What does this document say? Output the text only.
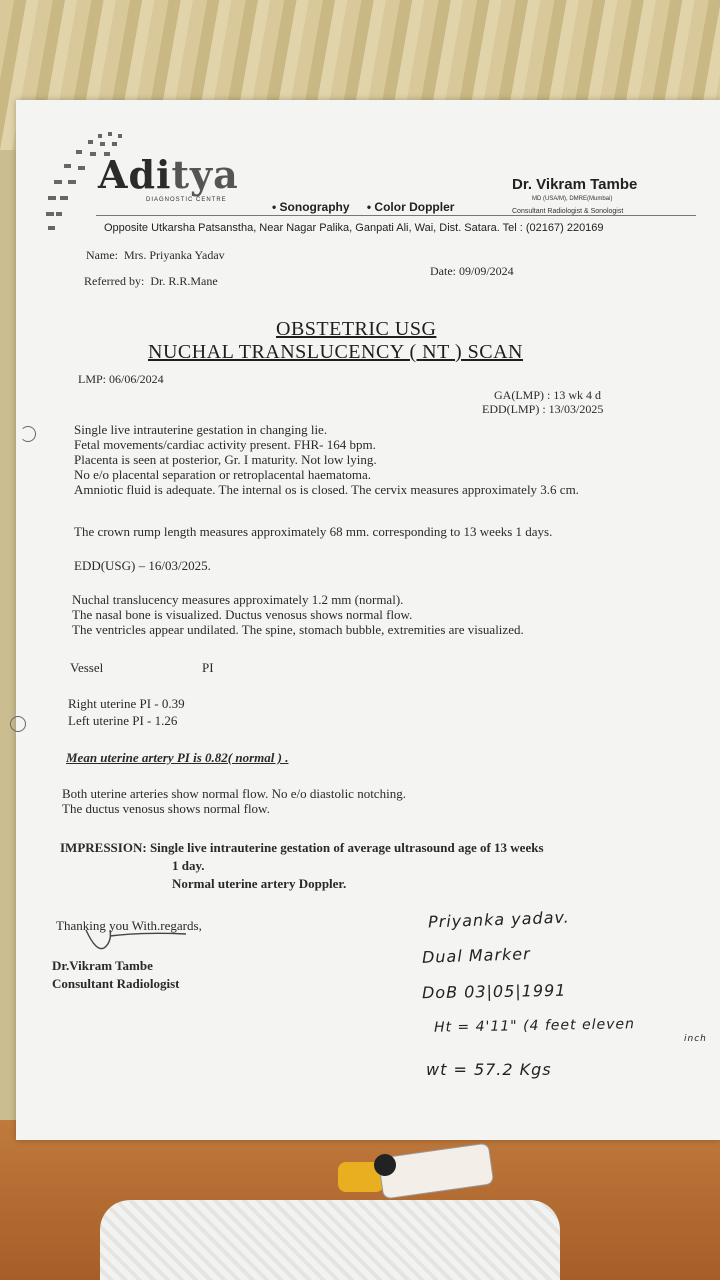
Aditya
DIAGNOSTIC CENTRE	• Sonography • Color Doppler
Dr. Vikram Tambe
MD (USA/M), DMRE(Mumbai)
Consultant Radiologist & Sonologist
Opposite Utkarsha Patsanstha, Near Nagar Palika, Ganpati Ali, Wai, Dist. Satara. Tel : (02167) 220169
Name: Mrs. Priyanka Yadav
Date: 09/09/2024
Referred by: Dr. R.R.Mane
OBSTETRIC USG
NUCHAL TRANSLUCENCY ( NT ) SCAN
LMP: 06/06/2024
GA(LMP) : 13 wk 4 d
EDD(LMP) : 13/03/2025
Single live intrauterine gestation in changing lie.
Fetal movements/cardiac activity present. FHR- 164 bpm.
Placenta is seen at posterior, Gr. I maturity. Not low lying.
No e/o placental separation or retroplacental haematoma.
Amniotic fluid is adequate. The internal os is closed. The cervix measures approximately 3.6 cm.
The crown rump length measures approximately 68 mm. corresponding to 13 weeks 1 days.
EDD(USG) – 16/03/2025.
Nuchal translucency measures approximately 1.2 mm (normal).
The nasal bone is visualized. Ductus venosus shows normal flow.
The ventricles appear undilated. The spine, stomach bubble, extremities are visualized.
Vessel	PI
Right uterine PI - 0.39
Left uterine PI - 1.26
Mean uterine artery PI is 0.82( normal ) .
Both uterine arteries show normal flow. No e/o diastolic notching.
The ductus venosus shows normal flow.
IMPRESSION: Single live intrauterine gestation of average ultrasound age of 13 weeks
1 day.
Normal uterine artery Doppler.
Thanking you With.regards,
Dr.Vikram Tambe
Consultant Radiologist
Priyanka yadav.
Dual Marker
DoB 03|05|1991
Ht = 4'11" (4 feet eleven
inch
wt = 57.2 Kgs
